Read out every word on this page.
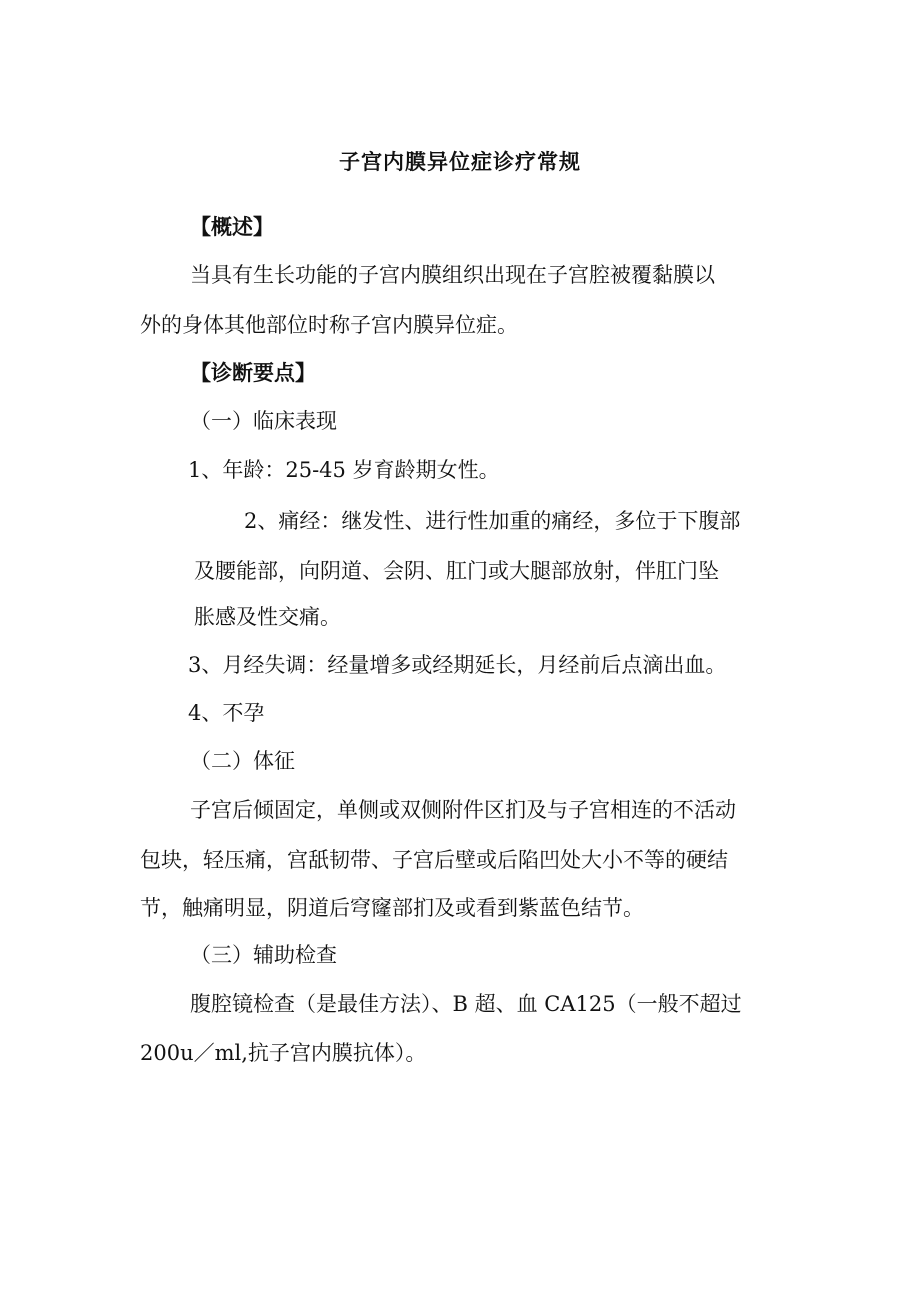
子宫内膜异位症诊疗常规
【概述】
当具有生长功能的子宫内膜组织出现在子宫腔被覆黏膜以
外的身体其他部位时称子宫内膜异位症。
【诊断要点】
（一）临床表现
1、年龄：25-45 岁育龄期女性。
2、痛经：继发性、进行性加重的痛经，多位于下腹部
及腰能部，向阴道、会阴、肛门或大腿部放射，伴肛门坠
胀感及性交痛。
3、月经失调：经量增多或经期延长，月经前后点滴出血。
4、不孕
（二）体征
子宫后倾固定，单侧或双侧附件区扪及与子宫相连的不活动
包块，轻压痛，宫舐韧带、子宫后壁或后陷凹处大小不等的硬结
节，触痛明显，阴道后穹窿部扪及或看到紫蓝色结节。
（三）辅助检查
腹腔镜检查（是最佳方法）、B 超、血 CA125（一般不超过
200u／ml,抗子宫内膜抗体）。
